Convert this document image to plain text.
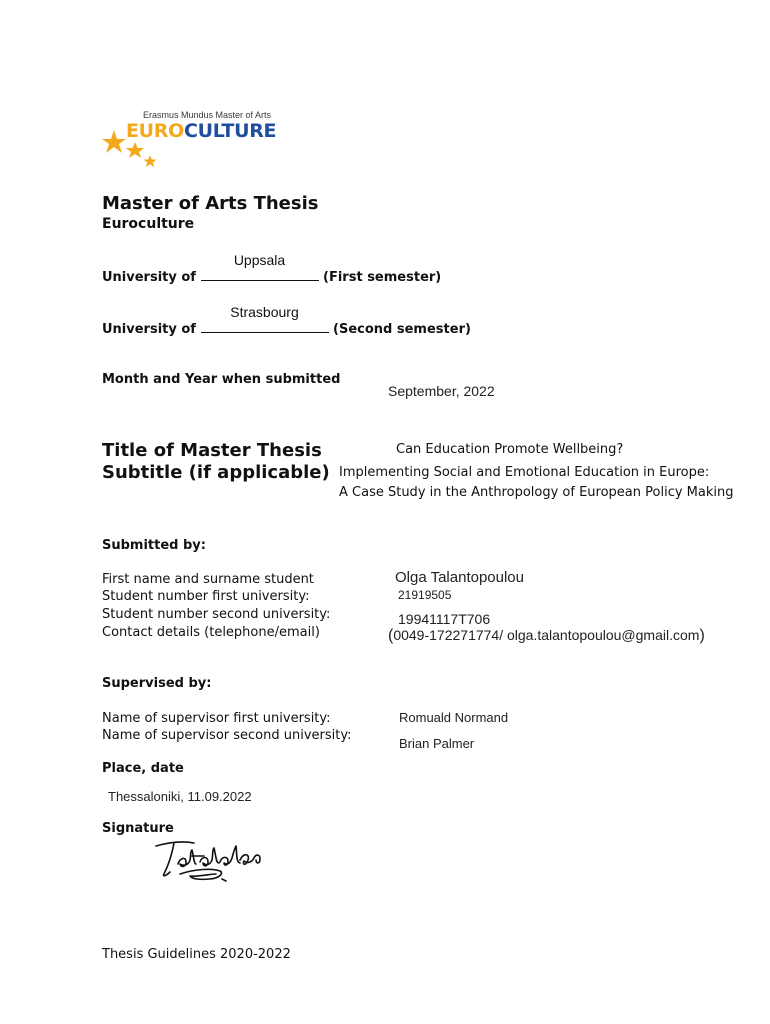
Erasmus Mundus Master of Arts
EUROCULTURE
Master of Arts Thesis
Euroculture
University of
Uppsala
(First semester)
University of
Strasbourg
(Second semester)
Month and Year when submitted
September, 2022
Title of Master Thesis
Subtitle (if applicable)
Can Education Promote Wellbeing?
Implementing Social and Emotional Education in Europe:
A Case Study in the Anthropology of European Policy Making
Submitted by:
First name and surname student
Student number first university:
Student number second university:
Contact details (telephone/email)
Olga Talantopoulou
21919505
19941117T706
(0049-172271774/ olga.talantopoulou@gmail.com)
Supervised by:
Name of supervisor first university:
Name of supervisor second university:
Romuald Normand
Brian Palmer
Place, date
Thessaloniki, 11.09.2022
Signature
Thesis Guidelines 2020-2022
